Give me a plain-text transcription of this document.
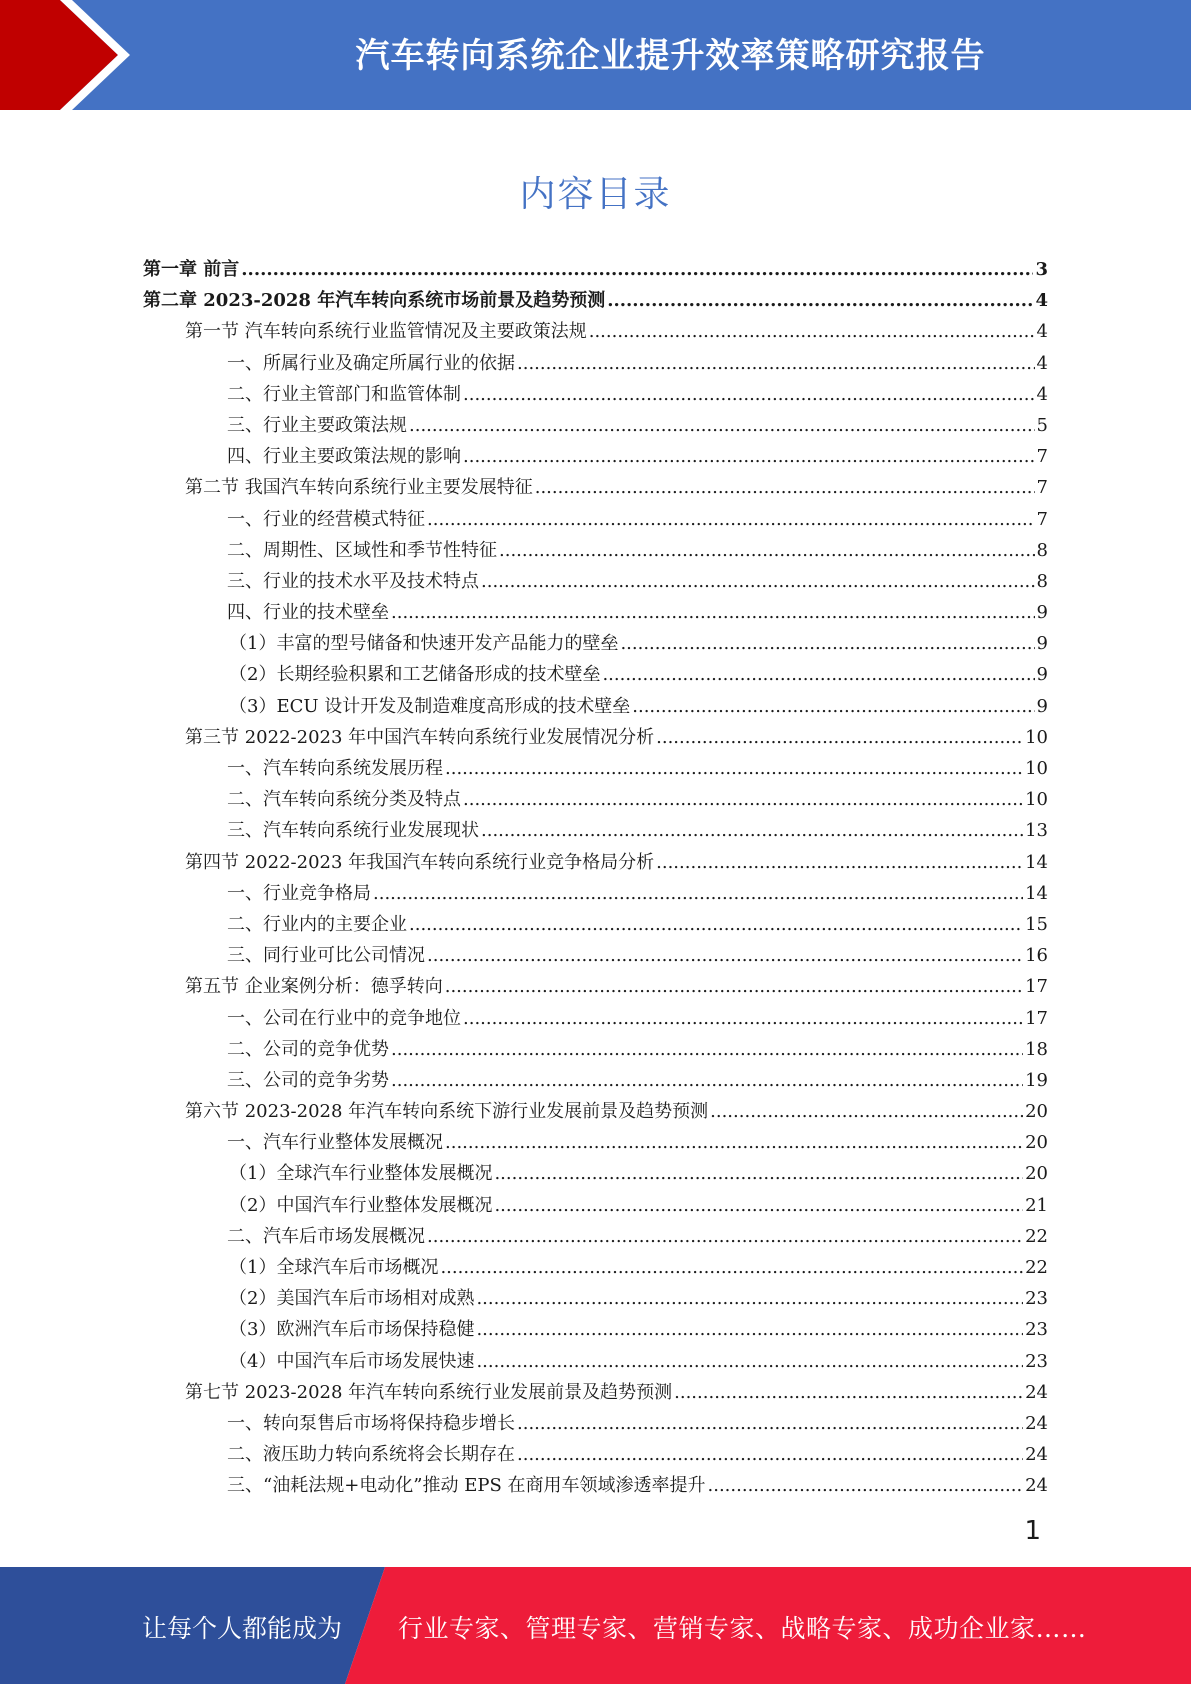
汽车转向系统企业提升效率策略研究报告
内容目录
第一章 前言 .....	3
第二章 2023-2028 年汽车转向系统市场前景及趋势预测 .....	4
第一节 汽车转向系统行业监管情况及主要政策法规 .....	4
一、所属行业及确定所属行业的依据 .....	4
二、行业主管部门和监管体制 .....	4
三、行业主要政策法规 .....	5
四、行业主要政策法规的影响 .....	7
第二节 我国汽车转向系统行业主要发展特征 .....	7
一、行业的经营模式特征 .....	7
二、周期性、区域性和季节性特征 .....	8
三、行业的技术水平及技术特点 .....	8
四、行业的技术壁垒 .....	9
（1）丰富的型号储备和快速开发产品能力的壁垒 .....	9
（2）长期经验积累和工艺储备形成的技术壁垒 .....	9
（3）ECU 设计开发及制造难度高形成的技术壁垒 .....	9
第三节 2022-2023 年中国汽车转向系统行业发展情况分析 .....	10
一、汽车转向系统发展历程 .....	10
二、汽车转向系统分类及特点 .....	10
三、汽车转向系统行业发展现状 .....	13
第四节 2022-2023 年我国汽车转向系统行业竞争格局分析 .....	14
一、行业竞争格局 .....	14
二、行业内的主要企业 .....	15
三、同行业可比公司情况 .....	16
第五节 企业案例分析：德孚转向 .....	17
一、公司在行业中的竞争地位 .....	17
二、公司的竞争优势 .....	18
三、公司的竞争劣势 .....	19
第六节 2023-2028 年汽车转向系统下游行业发展前景及趋势预测 .....	20
一、汽车行业整体发展概况 .....	20
（1）全球汽车行业整体发展概况 .....	20
（2）中国汽车行业整体发展概况 .....	21
二、汽车后市场发展概况 .....	22
（1）全球汽车后市场概况 .....	22
（2）美国汽车后市场相对成熟 .....	23
（3）欧洲汽车后市场保持稳健 .....	23
（4）中国汽车后市场发展快速 .....	23
第七节 2023-2028 年汽车转向系统行业发展前景及趋势预测 .....	24
一、转向泵售后市场将保持稳步增长 .....	24
二、液压助力转向系统将会长期存在 .....	24
三、“油耗法规+电动化”推动 EPS 在商用车领域渗透率提升 .....	24
1
让每个人都能成为 行业专家、管理专家、营销专家、战略专家、成功企业家……
